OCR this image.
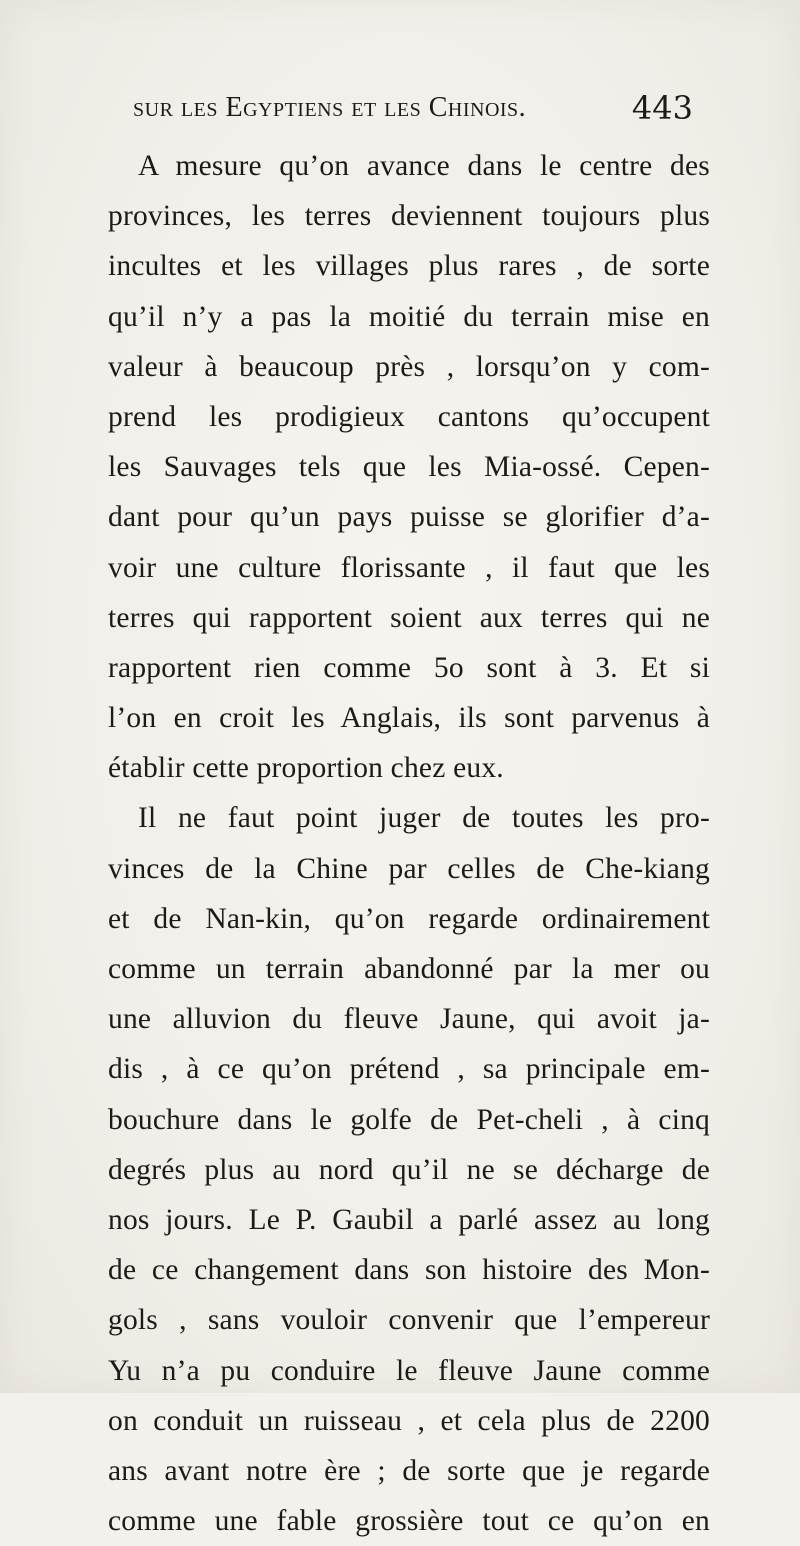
sur les Egyptiens et les Chinois.	443
A mesure qu’on avance dans le centre des
provinces, les terres deviennent toujours plus
incultes et les villages plus rares , de sorte
qu’il n’y a pas la moitié du terrain mise en
valeur à beaucoup près , lorsqu’on y com-
prend les prodigieux cantons qu’occupent
les Sauvages tels que les Mia-ossé. Cepen-
dant pour qu’un pays puisse se glorifier d’a-
voir une culture florissante , il faut que les
terres qui rapportent soient aux terres qui ne
rapportent rien comme 5o sont à 3. Et si
l’on en croit les Anglais, ils sont parvenus à
établir cette proportion chez eux.
Il ne faut point juger de toutes les pro-
vinces de la Chine par celles de Che-kiang
et de Nan-kin, qu’on regarde ordinairement
comme un terrain abandonné par la mer ou
une alluvion du fleuve Jaune, qui avoit ja-
dis , à ce qu’on prétend , sa principale em-
bouchure dans le golfe de Pet-cheli , à cinq
degrés plus au nord qu’il ne se décharge de
nos jours. Le P. Gaubil a parlé assez au long
de ce changement dans son histoire des Mon-
gols , sans vouloir convenir que l’empereur
Yu n’a pu conduire le fleuve Jaune comme
on conduit un ruisseau , et cela plus de 2200
ans avant notre ère ; de sorte que je regarde
comme une fable grossière tout ce qu’on en
